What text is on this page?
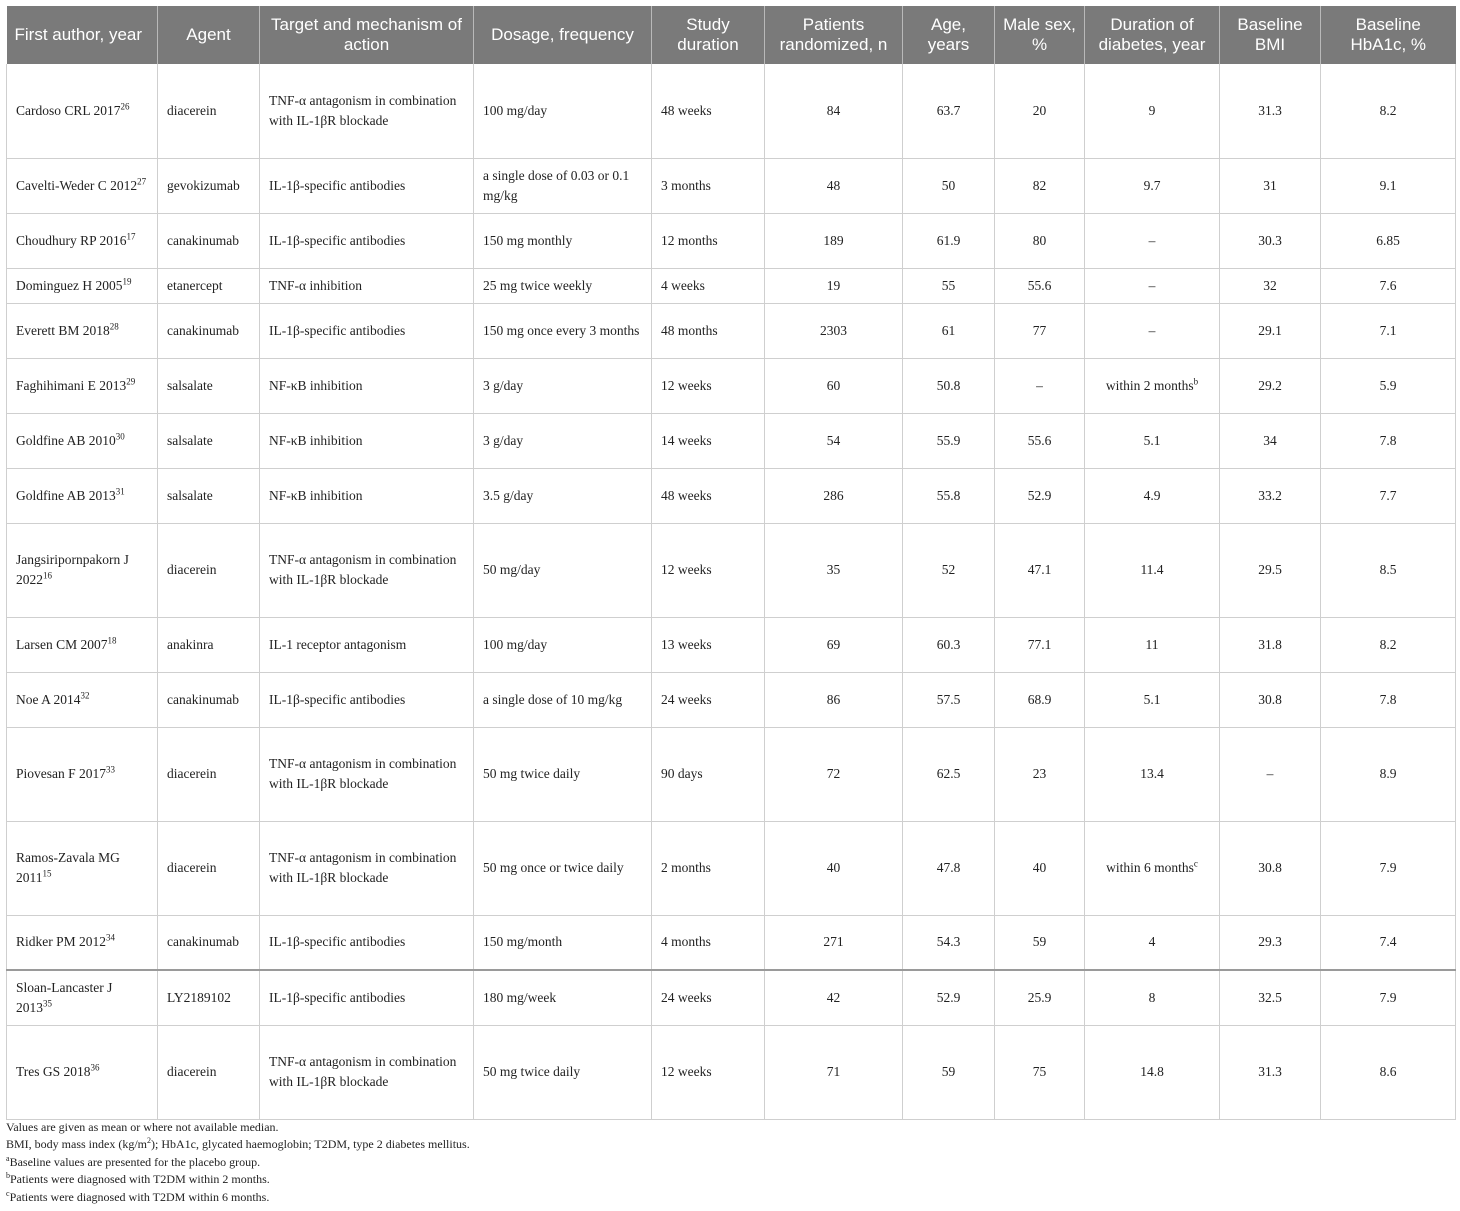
First author, year	Agent	Target and mechanism of action	Dosage, frequency	Study duration	Patients randomized, n	Age, years	Male sex, %	Duration of diabetes, year	Baseline BMI	Baseline HbA1c, %
Cardoso CRL 2017$^{26}$	diacerein	TNF-α antagonism in combination with IL-1βR blockade	100 mg/day	48 weeks	84	63.7	20	9	31.3	8.2
Cavelti-Weder C 2012$^{27}$	gevokizumab	IL-1β-specific antibodies	a single dose of 0.03 or 0.1 mg/kg	3 months	48	50	82	9.7	31	9.1
Choudhury RP 2016$^{17}$	canakinumab	IL-1β-specific antibodies	150 mg monthly	12 months	189	61.9	80	–	30.3	6.85
Dominguez H 2005$^{19}$	etanercept	TNF-α inhibition	25 mg twice weekly	4 weeks	19	55	55.6	–	32	7.6
Everett BM 2018$^{28}$	canakinumab	IL-1β-specific antibodies	150 mg once every 3 months	48 months	2303	61	77	–	29.1	7.1
Faghihimani E 2013$^{29}$	salsalate	NF-κB inhibition	3 g/day	12 weeks	60	50.8	–	within 2 months$^b$	29.2	5.9
Goldfine AB 2010$^{30}$	salsalate	NF-κB inhibition	3 g/day	14 weeks	54	55.9	55.6	5.1	34	7.8
Goldfine AB 2013$^{31}$	salsalate	NF-κB inhibition	3.5 g/day	48 weeks	286	55.8	52.9	4.9	33.2	7.7
Jangsiripornpakorn J 2022$^{16}$	diacerein	TNF-α antagonism in combination with IL-1βR blockade	50 mg/day	12 weeks	35	52	47.1	11.4	29.5	8.5
Larsen CM 2007$^{18}$	anakinra	IL-1 receptor antagonism	100 mg/day	13 weeks	69	60.3	77.1	11	31.8	8.2
Noe A 2014$^{32}$	canakinumab	IL-1β-specific antibodies	a single dose of 10 mg/kg	24 weeks	86	57.5	68.9	5.1	30.8	7.8
Piovesan F 2017$^{33}$	diacerein	TNF-α antagonism in combination with IL-1βR blockade	50 mg twice daily	90 days	72	62.5	23	13.4	–	8.9
Ramos-Zavala MG 2011$^{15}$	diacerein	TNF-α antagonism in combination with IL-1βR blockade	50 mg once or twice daily	2 months	40	47.8	40	within 6 months$^c$	30.8	7.9
Ridker PM 2012$^{34}$	canakinumab	IL-1β-specific antibodies	150 mg/month	4 months	271	54.3	59	4	29.3	7.4
Sloan-Lancaster J 2013$^{35}$	LY2189102	IL-1β-specific antibodies	180 mg/week	24 weeks	42	52.9	25.9	8	32.5	7.9
Tres GS 2018$^{36}$	diacerein	TNF-α antagonism in combination with IL-1βR blockade	50 mg twice daily	12 weeks	71	59	75	14.8	31.3	8.6
Values are given as mean or where not available median.
BMI, body mass index $(kg/m^2)$; HbA1c, glycated haemoglobin; T2DM, type 2 diabetes mellitus.
$^a$Baseline values are presented for the placebo group.
$^b$Patients were diagnosed with T2DM within 2 months.
$^c$Patients were diagnosed with T2DM within 6 months.
